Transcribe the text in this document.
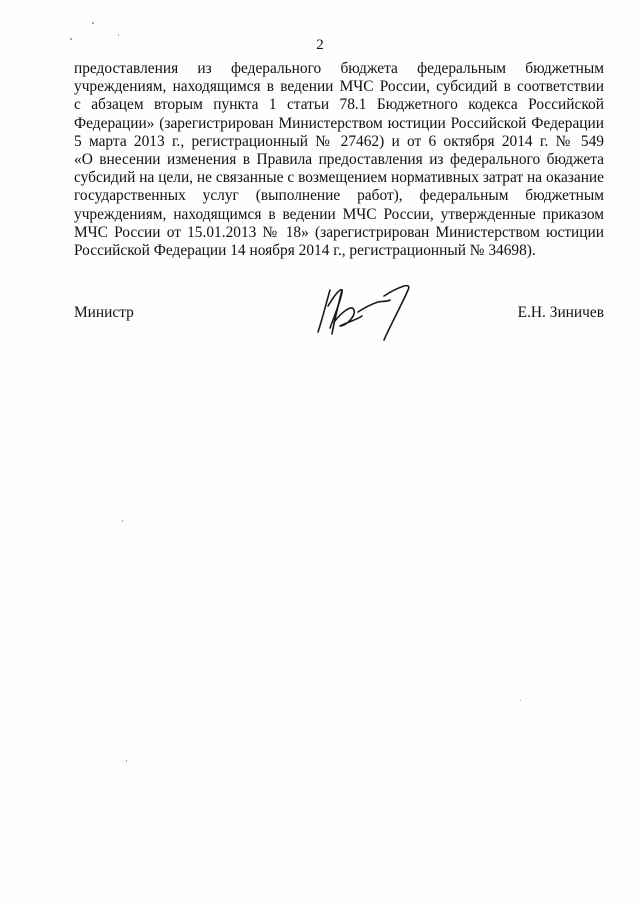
2
предоставления из федерального бюджета федеральным бюджетным
учреждениям, находящимся в ведении МЧС России, субсидий в соответствии
с абзацем вторым пункта 1 статьи 78.1 Бюджетного кодекса Российской
Федерации» (зарегистрирован Министерством юстиции Российской Федерации
5 марта 2013 г., регистрационный № 27462) и от 6 октября 2014 г. № 549
«О внесении изменения в Правила предоставления из федерального бюджета
субсидий на цели, не связанные с возмещением нормативных затрат на оказание
государственных услуг (выполнение работ), федеральным бюджетным
учреждениям, находящимся в ведении МЧС России, утвержденные приказом
МЧС России от 15.01.2013 № 18» (зарегистрирован Министерством юстиции
Российской Федерации 14 ноября 2014 г., регистрационный № 34698).
Министр	Е.Н. Зиничев
